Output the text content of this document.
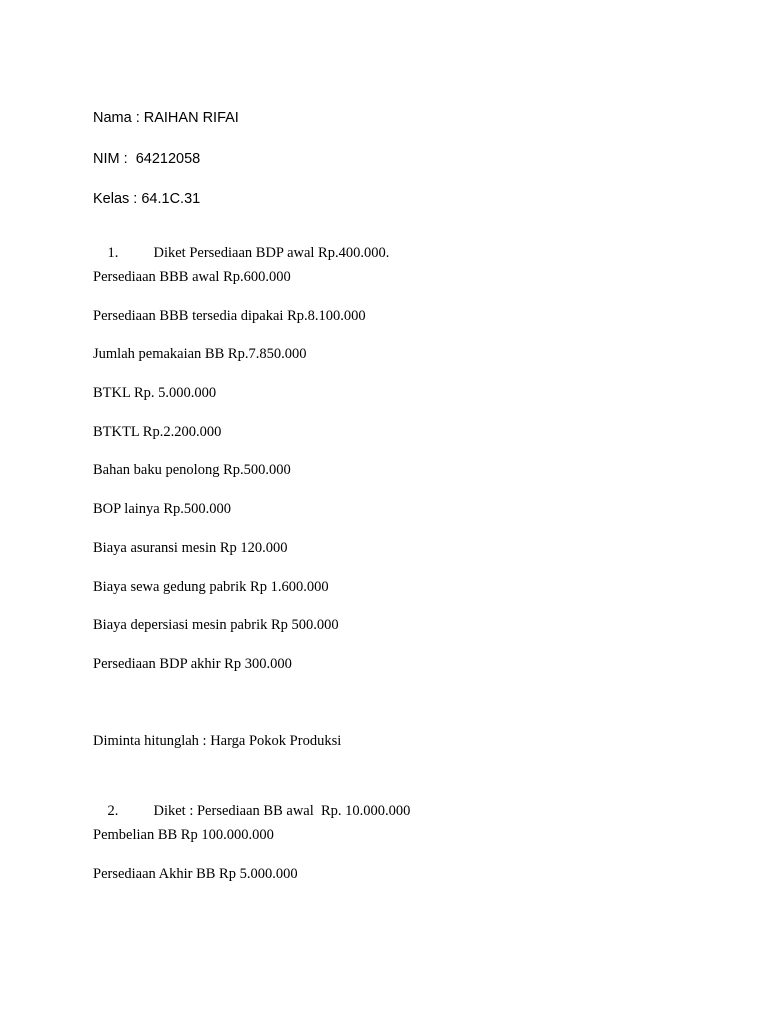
Nama : RAIHAN RIFAI
NIM :  64212058
Kelas : 64.1C.31

1. Diket Persediaan BDP awal Rp.400.000.

Persediaan BBB awal Rp.600.000
Persediaan BBB tersedia dipakai Rp.8.100.000
Jumlah pemakaian BB Rp.7.850.000
BTKL Rp. 5.000.000
BTKTL Rp.2.200.000
Bahan baku penolong Rp.500.000
BOP lainya Rp.500.000
Biaya asuransi mesin Rp 120.000
Biaya sewa gedung pabrik Rp 1.600.000
Biaya depersiasi mesin pabrik Rp 500.000
Persediaan BDP akhir Rp 300.000
Diminta hitunglah : Harga Pokok Produksi

2. Diket : Persediaan BB awal  Rp. 10.000.000

Pembelian BB Rp 100.000.000
Persediaan Akhir BB Rp 5.000.000
